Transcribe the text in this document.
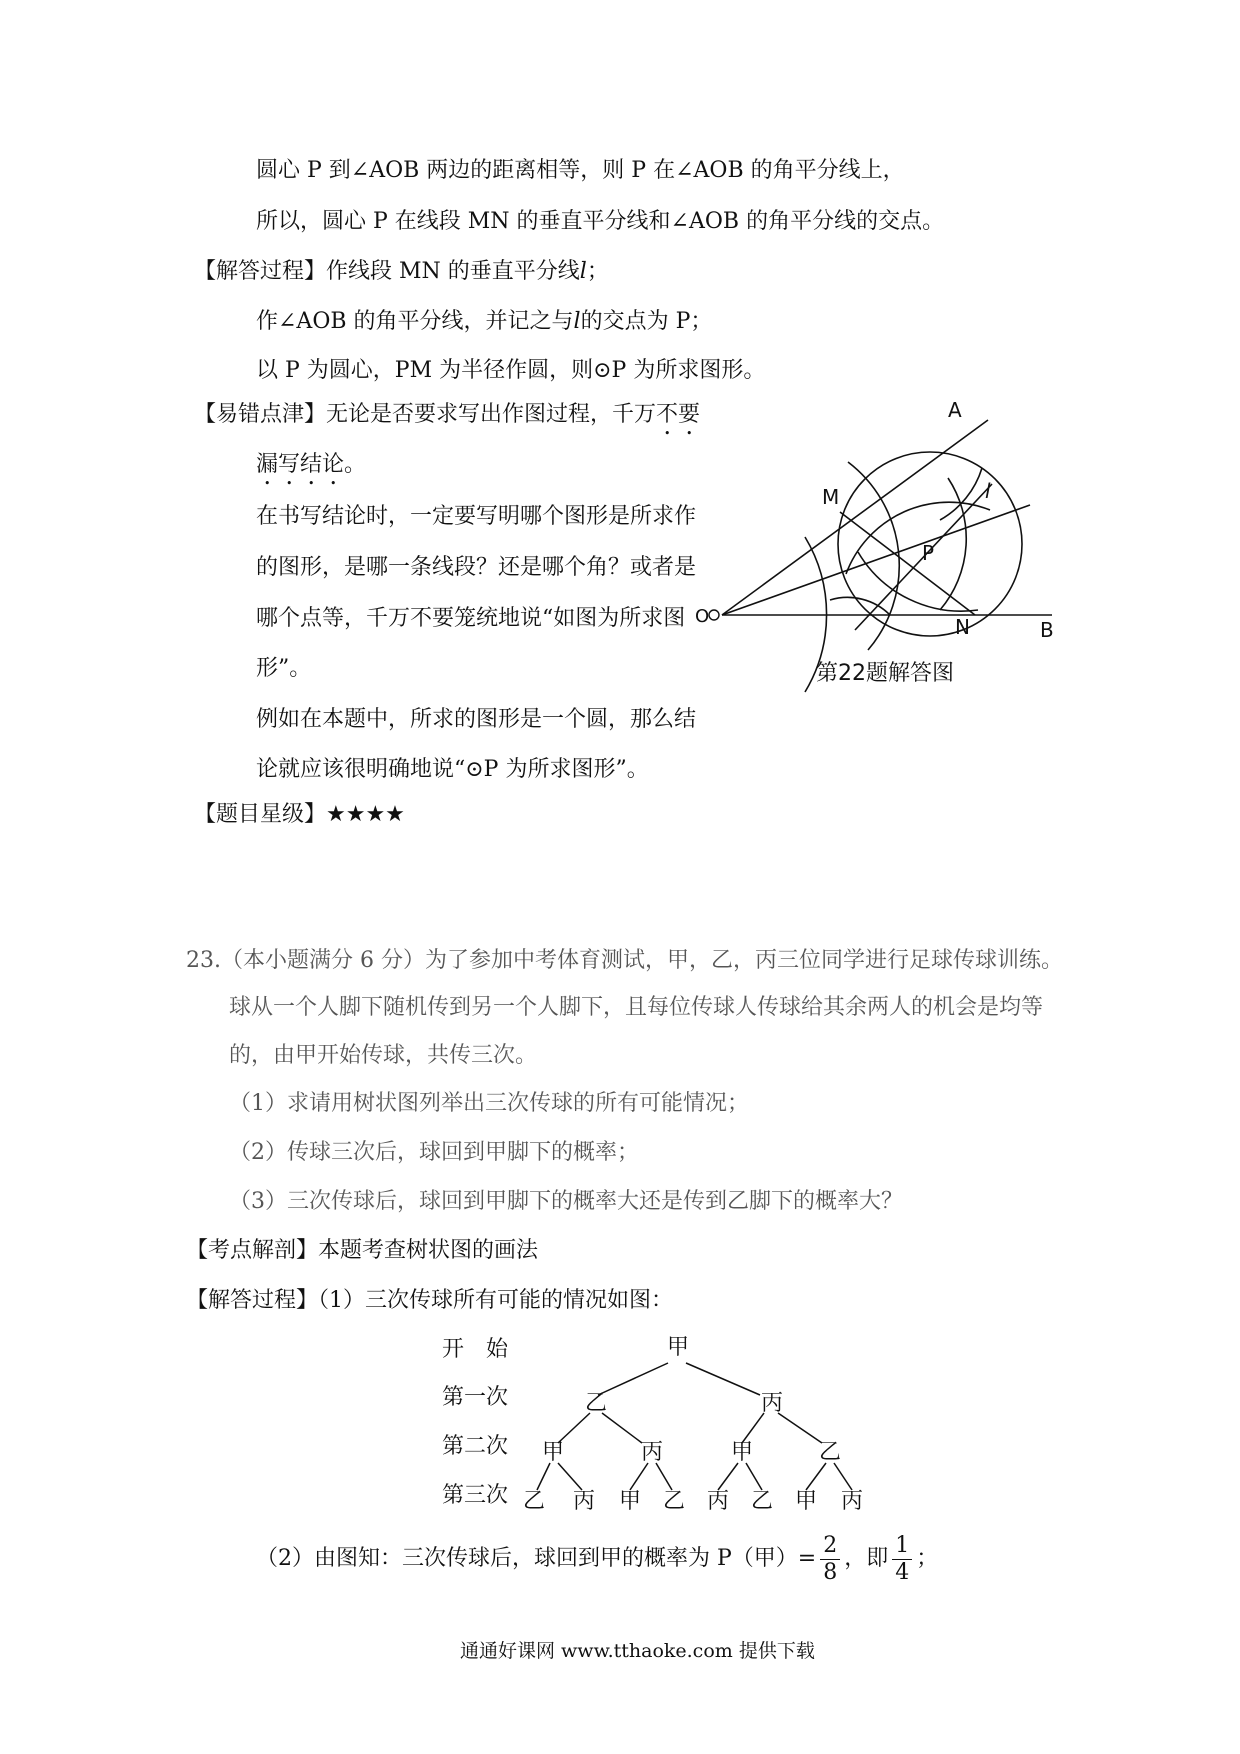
圆心 P 到∠AOB 两边的距离相等，则 P 在∠AOB 的角平分线上，
所以，圆心 P 在线段 MN 的垂直平分线和∠AOB 的角平分线的交点。
【解答过程】作线段 MN 的垂直平分线l；
作∠AOB 的角平分线，并记之与l的交点为 P；
以 P 为圆心，PM 为半径作圆，则⊙P 为所求图形。
【易错点津】无论是否要求写出作图过程，千万不要
漏写结论。
在书写结论时，一定要写明哪个图形是所求作
的图形，是哪一条线段？还是哪个角？或者是
哪个点等，千万不要笼统地说“如图为所求图
形”。
例如在本题中，所求的图形是一个圆，那么结
论就应该很明确地说“⊙P 为所求图形”。
【题目星级】★★★★
A
B
O
M
N
P
l
第22题解答图
23.（本小题满分 6 分）为了参加中考体育测试，甲，乙，丙三位同学进行足球传球训练。
球从一个人脚下随机传到另一个人脚下，且每位传球人传球给其余两人的机会是均等
的，由甲开始传球，共传三次。
（1）求请用树状图列举出三次传球的所有可能情况；
（2）传球三次后，球回到甲脚下的概率；
（3）三次传球后，球回到甲脚下的概率大还是传到乙脚下的概率大？
【考点解剖】本题考查树状图的画法
【解答过程】（1）三次传球所有可能的情况如图：
开　始
第一次
第二次
第三次
甲
乙	丙
甲	丙	甲	乙
乙 丙 甲 乙 丙 乙 甲 丙
（2）由图知：三次传球后，球回到甲的概率为 P（甲）= $\frac{2}{8}$ ，即 $\frac{1}{4}$ ；
通通好课网 www.tthaoke.com 提供下载
